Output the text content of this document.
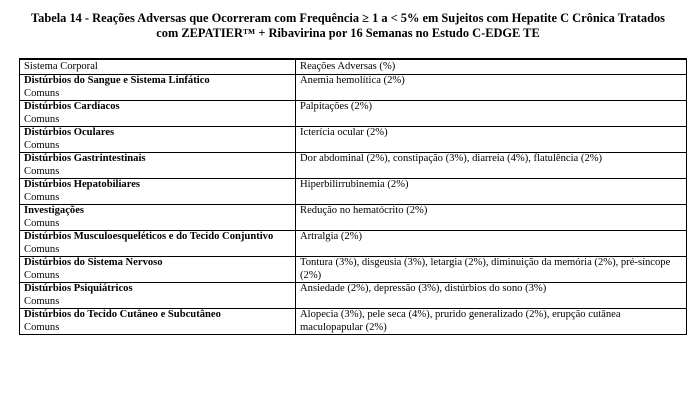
Tabela 14 - Reações Adversas que Ocorreram com Frequência ≥ 1 a < 5% em Sujeitos com Hepatite C Crônica Tratados
com ZEPATIER™ + Ribavirina por 16 Semanas no Estudo C-EDGE TE
Sistema Corporal	Reações Adversas (%)

Distúrbios do Sangue e Sistema Linfático
Comuns	Anemia hemolítica (2%)

Distúrbios Cardíacos
Comuns	Palpitações (2%)

Distúrbios Oculares
Comuns	Icterícia ocular (2%)

Distúrbios Gastrintestinais
Comuns	Dor abdominal (2%), constipação (3%), diarreia (4%), flatulência (2%)

Distúrbios Hepatobiliares
Comuns	Hiperbilirrubinemia (2%)

Investigações
Comuns	Redução no hematócrito (2%)

Distúrbios Musculoesqueléticos e do Tecido Conjuntivo
Comuns	Artralgia (2%)

Distúrbios do Sistema Nervoso
Comuns	Tontura (3%), disgeusia (3%), letargia (2%), diminuição da memória (2%), pré-síncope (2%)

Distúrbios Psiquiátricos
Comuns	Ansiedade (2%), depressão (3%), distúrbios do sono (3%)

Distúrbios do Tecido Cutâneo e Subcutâneo
Comuns	Alopecia (3%), pele seca (4%), prurido generalizado (2%), erupção cutânea maculopapular (2%)
